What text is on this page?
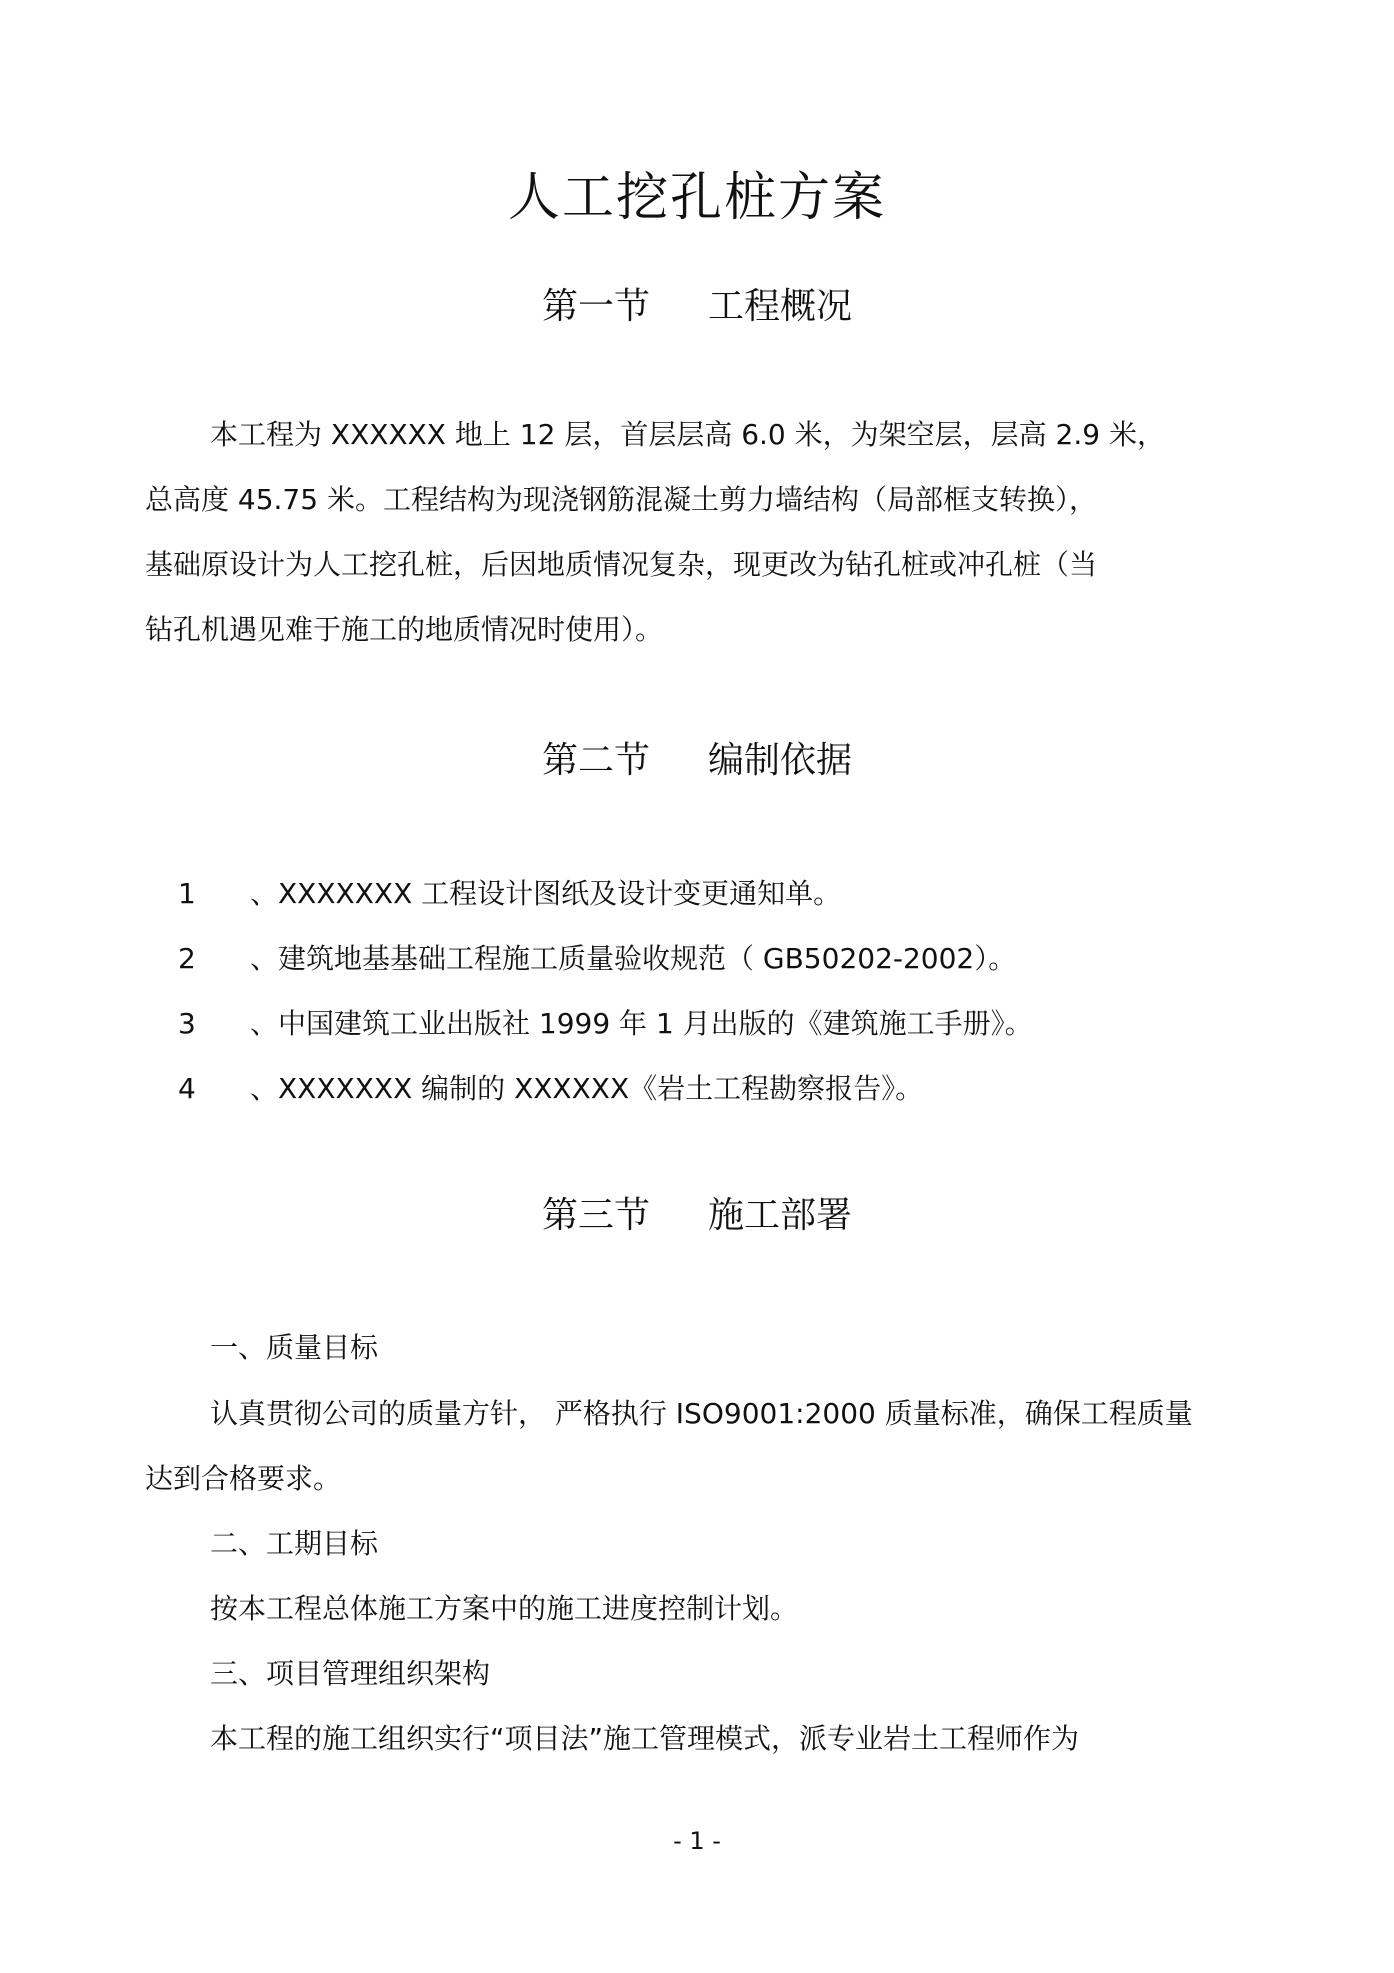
人工挖孔桩方案
第一节 工程概况
本工程为 XXXXXX 地上 12 层，首层层高 6.0 米，为架空层，层高 2.9 米，
总高度 45.75 米。工程结构为现浇钢筋混凝土剪力墙结构（局部框支转换），
基础原设计为人工挖孔桩，后因地质情况复杂，现更改为钻孔桩或冲孔桩（当
钻孔机遇见难于施工的地质情况时使用）。
第二节 编制依据
1 、XXXXXXX 工程设计图纸及设计变更通知单。
2 、建筑地基基础工程施工质量验收规范（ GB50202-2002）。
3 、中国建筑工业出版社 1999 年 1 月出版的《建筑施工手册》。
4 、XXXXXXX 编制的 XXXXXX《岩土工程勘察报告》。
第三节 施工部署
一、质量目标
认真贯彻公司的质量方针， 严格执行 ISO9001:2000 质量标准，确保工程质量
达到合格要求。
二、工期目标
按本工程总体施工方案中的施工进度控制计划。
三、项目管理组织架构
本工程的施工组织实行“项目法”施工管理模式，派专业岩土工程师作为
- 1 -
